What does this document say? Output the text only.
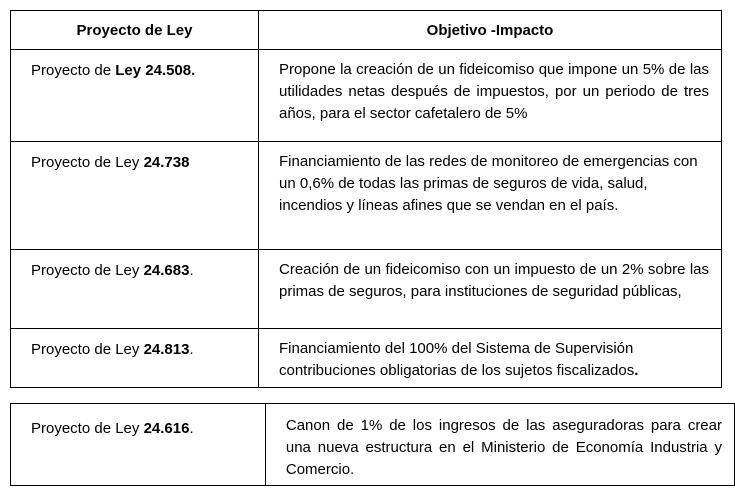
Proyecto de Ley	Objetivo -Impacto
Proyecto de Ley 24.508.	Propone la creación de un fideicomiso que impone un 5% de las utilidades netas después de impuestos, por un periodo de tres años, para el sector cafetalero de 5%
Proyecto de Ley 24.738	Financiamiento de las redes de monitoreo de emergencias con un 0,6% de todas las primas de seguros de vida, salud, incendios y líneas afines que se vendan en el país.
Proyecto de Ley 24.683.	Creación de un fideicomiso con un impuesto de un 2% sobre las primas de seguros, para instituciones de seguridad públicas,
Proyecto de Ley 24.813.	Financiamiento del 100% del Sistema de Supervisión contribuciones obligatorias de los sujetos fiscalizados.
Proyecto de Ley 24.616.	Canon de 1% de los ingresos de las aseguradoras para crear una nueva estructura en el Ministerio de Economía Industria y Comercio.
